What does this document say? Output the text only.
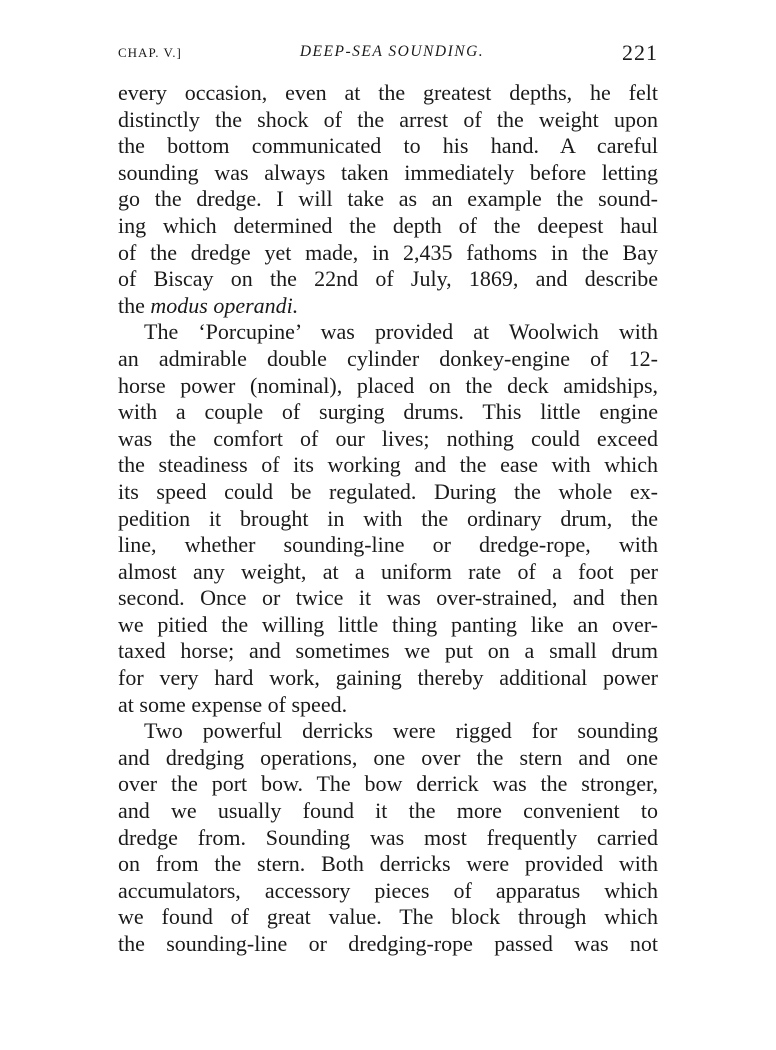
CHAP. V.]	DEEP-SEA SOUNDING.	221
every occasion, even at the greatest depths, he felt
distinctly the shock of the arrest of the weight upon
the bottom communicated to his hand. A careful
sounding was always taken immediately before letting
go the dredge. I will take as an example the sound-
ing which determined the depth of the deepest haul
of the dredge yet made, in 2,435 fathoms in the Bay
of Biscay on the 22nd of July, 1869, and describe
the modus operandi.
The ‘Porcupine’ was provided at Woolwich with
an admirable double cylinder donkey-engine of 12-
horse power (nominal), placed on the deck amidships,
with a couple of surging drums. This little engine
was the comfort of our lives; nothing could exceed
the steadiness of its working and the ease with which
its speed could be regulated. During the whole ex-
pedition it brought in with the ordinary drum, the
line, whether sounding-line or dredge-rope, with
almost any weight, at a uniform rate of a foot per
second. Once or twice it was over-strained, and then
we pitied the willing little thing panting like an over-
taxed horse; and sometimes we put on a small drum
for very hard work, gaining thereby additional power
at some expense of speed.
Two powerful derricks were rigged for sounding
and dredging operations, one over the stern and one
over the port bow. The bow derrick was the stronger,
and we usually found it the more convenient to
dredge from. Sounding was most frequently carried
on from the stern. Both derricks were provided with
accumulators, accessory pieces of apparatus which
we found of great value. The block through which
the sounding-line or dredging-rope passed was not
